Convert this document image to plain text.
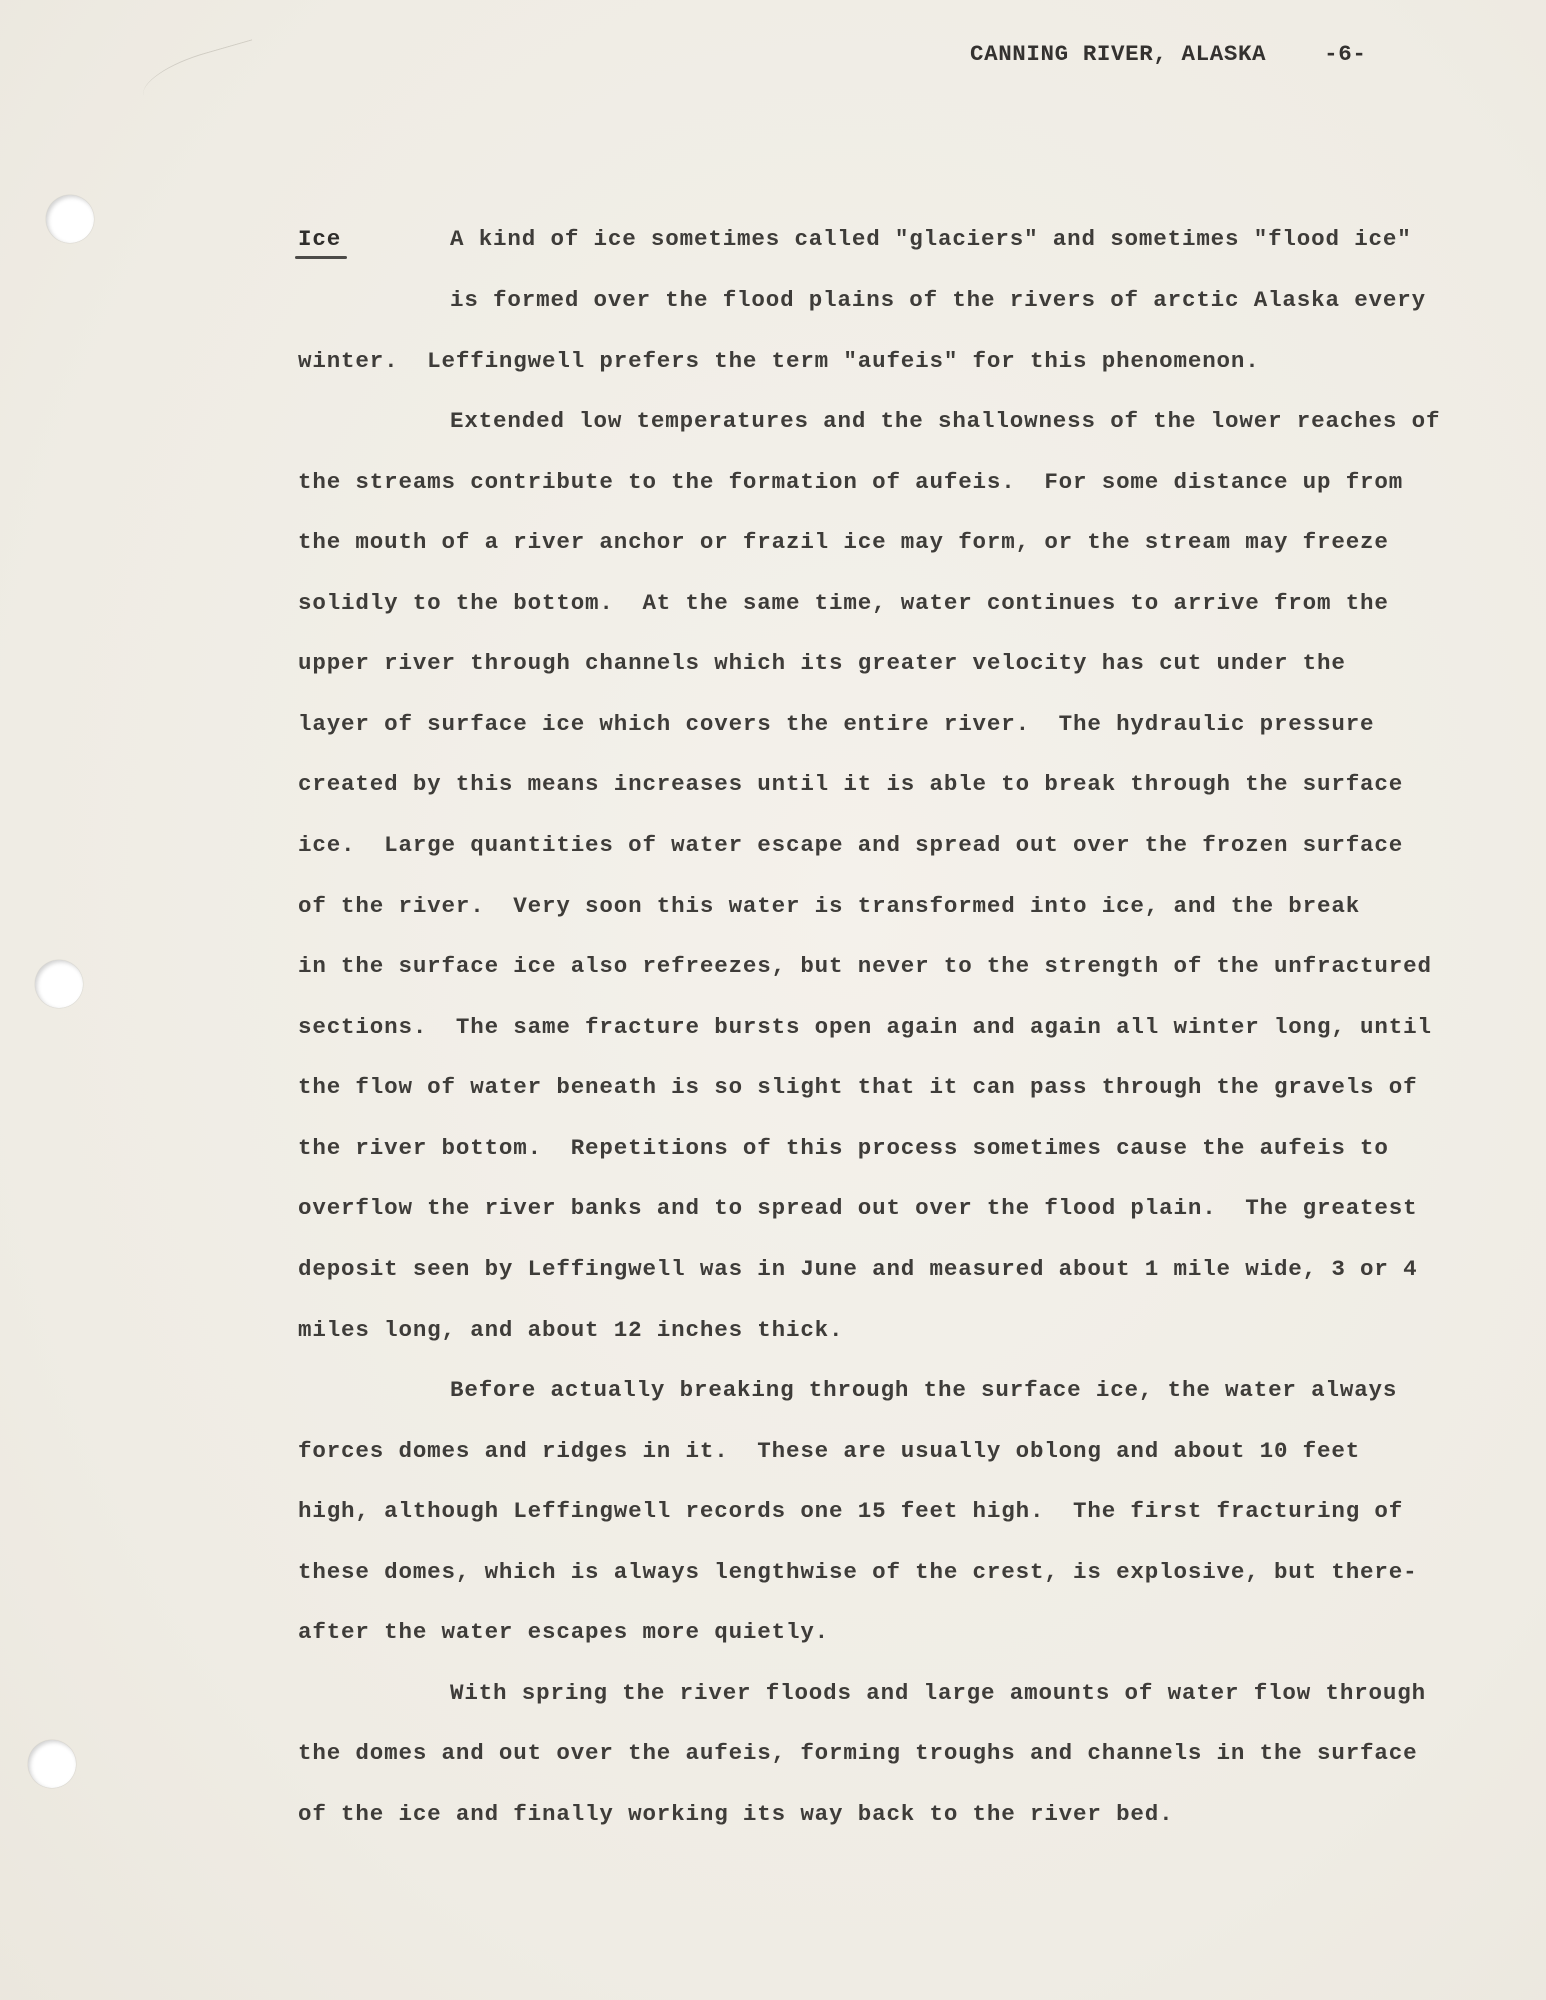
CANNING RIVER, ALASKA	-6-
Ice	A kind of ice sometimes called "glaciers" and sometimes "flood ice"
is formed over the flood plains of the rivers of arctic Alaska every
winter.  Leffingwell prefers the term "aufeis" for this phenomenon.
Extended low temperatures and the shallowness of the lower reaches of
the streams contribute to the formation of aufeis.  For some distance up from
the mouth of a river anchor or frazil ice may form, or the stream may freeze
solidly to the bottom.  At the same time, water continues to arrive from the
upper river through channels which its greater velocity has cut under the
layer of surface ice which covers the entire river.  The hydraulic pressure
created by this means increases until it is able to break through the surface
ice.  Large quantities of water escape and spread out over the frozen surface
of the river.  Very soon this water is transformed into ice, and the break
in the surface ice also refreezes, but never to the strength of the unfractured
sections.  The same fracture bursts open again and again all winter long, until
the flow of water beneath is so slight that it can pass through the gravels of
the river bottom.  Repetitions of this process sometimes cause the aufeis to
overflow the river banks and to spread out over the flood plain.  The greatest
deposit seen by Leffingwell was in June and measured about 1 mile wide, 3 or 4
miles long, and about 12 inches thick.
Before actually breaking through the surface ice, the water always
forces domes and ridges in it.  These are usually oblong and about 10 feet
high, although Leffingwell records one 15 feet high.  The first fracturing of
these domes, which is always lengthwise of the crest, is explosive, but there-
after the water escapes more quietly.
With spring the river floods and large amounts of water flow through
the domes and out over the aufeis, forming troughs and channels in the surface
of the ice and finally working its way back to the river bed.
